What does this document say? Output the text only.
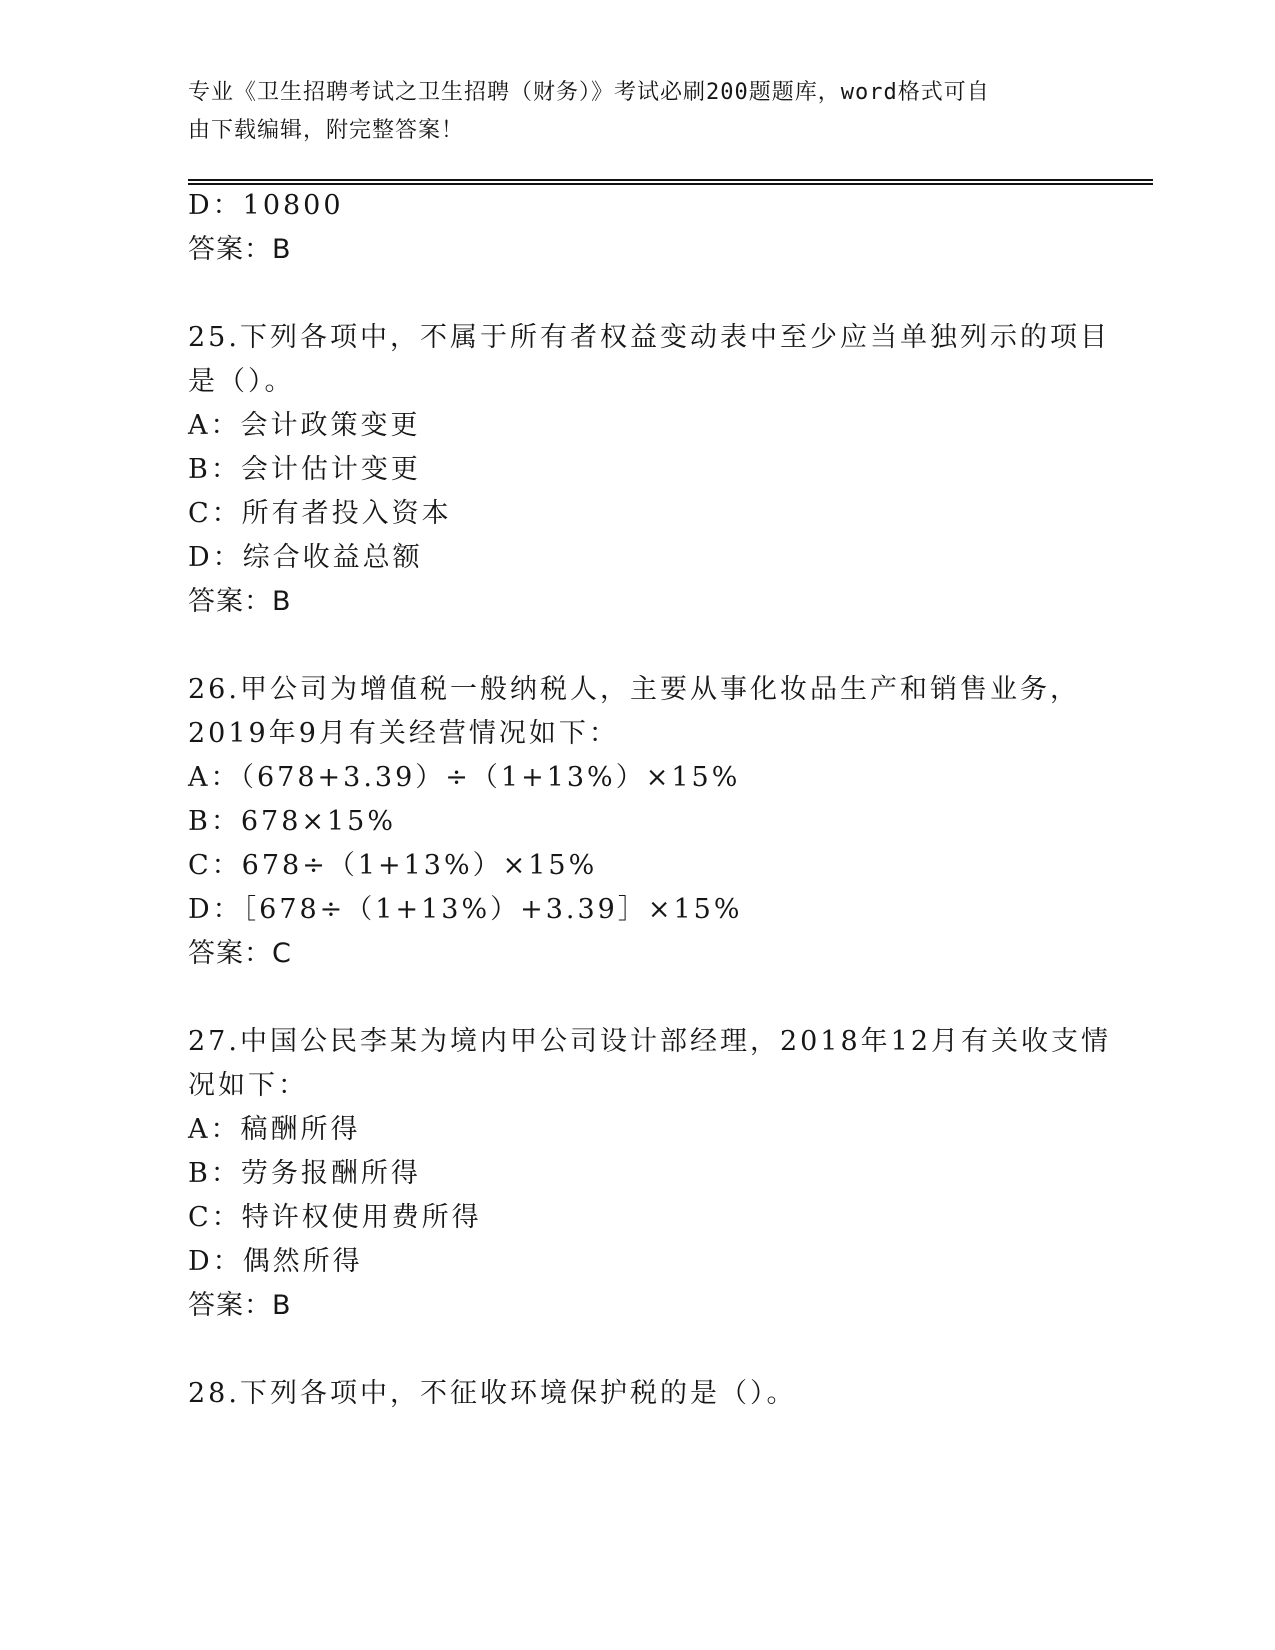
专业《卫生招聘考试之卫生招聘（财务）》考试必刷200题题库，word格式可自
由下载编辑，附完整答案！
D：10800
答案：B
25.下列各项中，不属于所有者权益变动表中至少应当单独列示的项目
是（）。
A：会计政策变更
B：会计估计变更
C：所有者投入资本
D：综合收益总额
答案：B
26.甲公司为增值税一般纳税人，主要从事化妆品生产和销售业务，
2019年9月有关经营情况如下：
A：（678+3.39）÷（1+13%）×15%
B：678×15%
C：678÷（1+13%）×15%
D：［678÷（1+13%）+3.39］×15%
答案：C
27.中国公民李某为境内甲公司设计部经理，2018年12月有关收支情
况如下：
A：稿酬所得
B：劳务报酬所得
C：特许权使用费所得
D：偶然所得
答案：B
28.下列各项中，不征收环境保护税的是（）。
